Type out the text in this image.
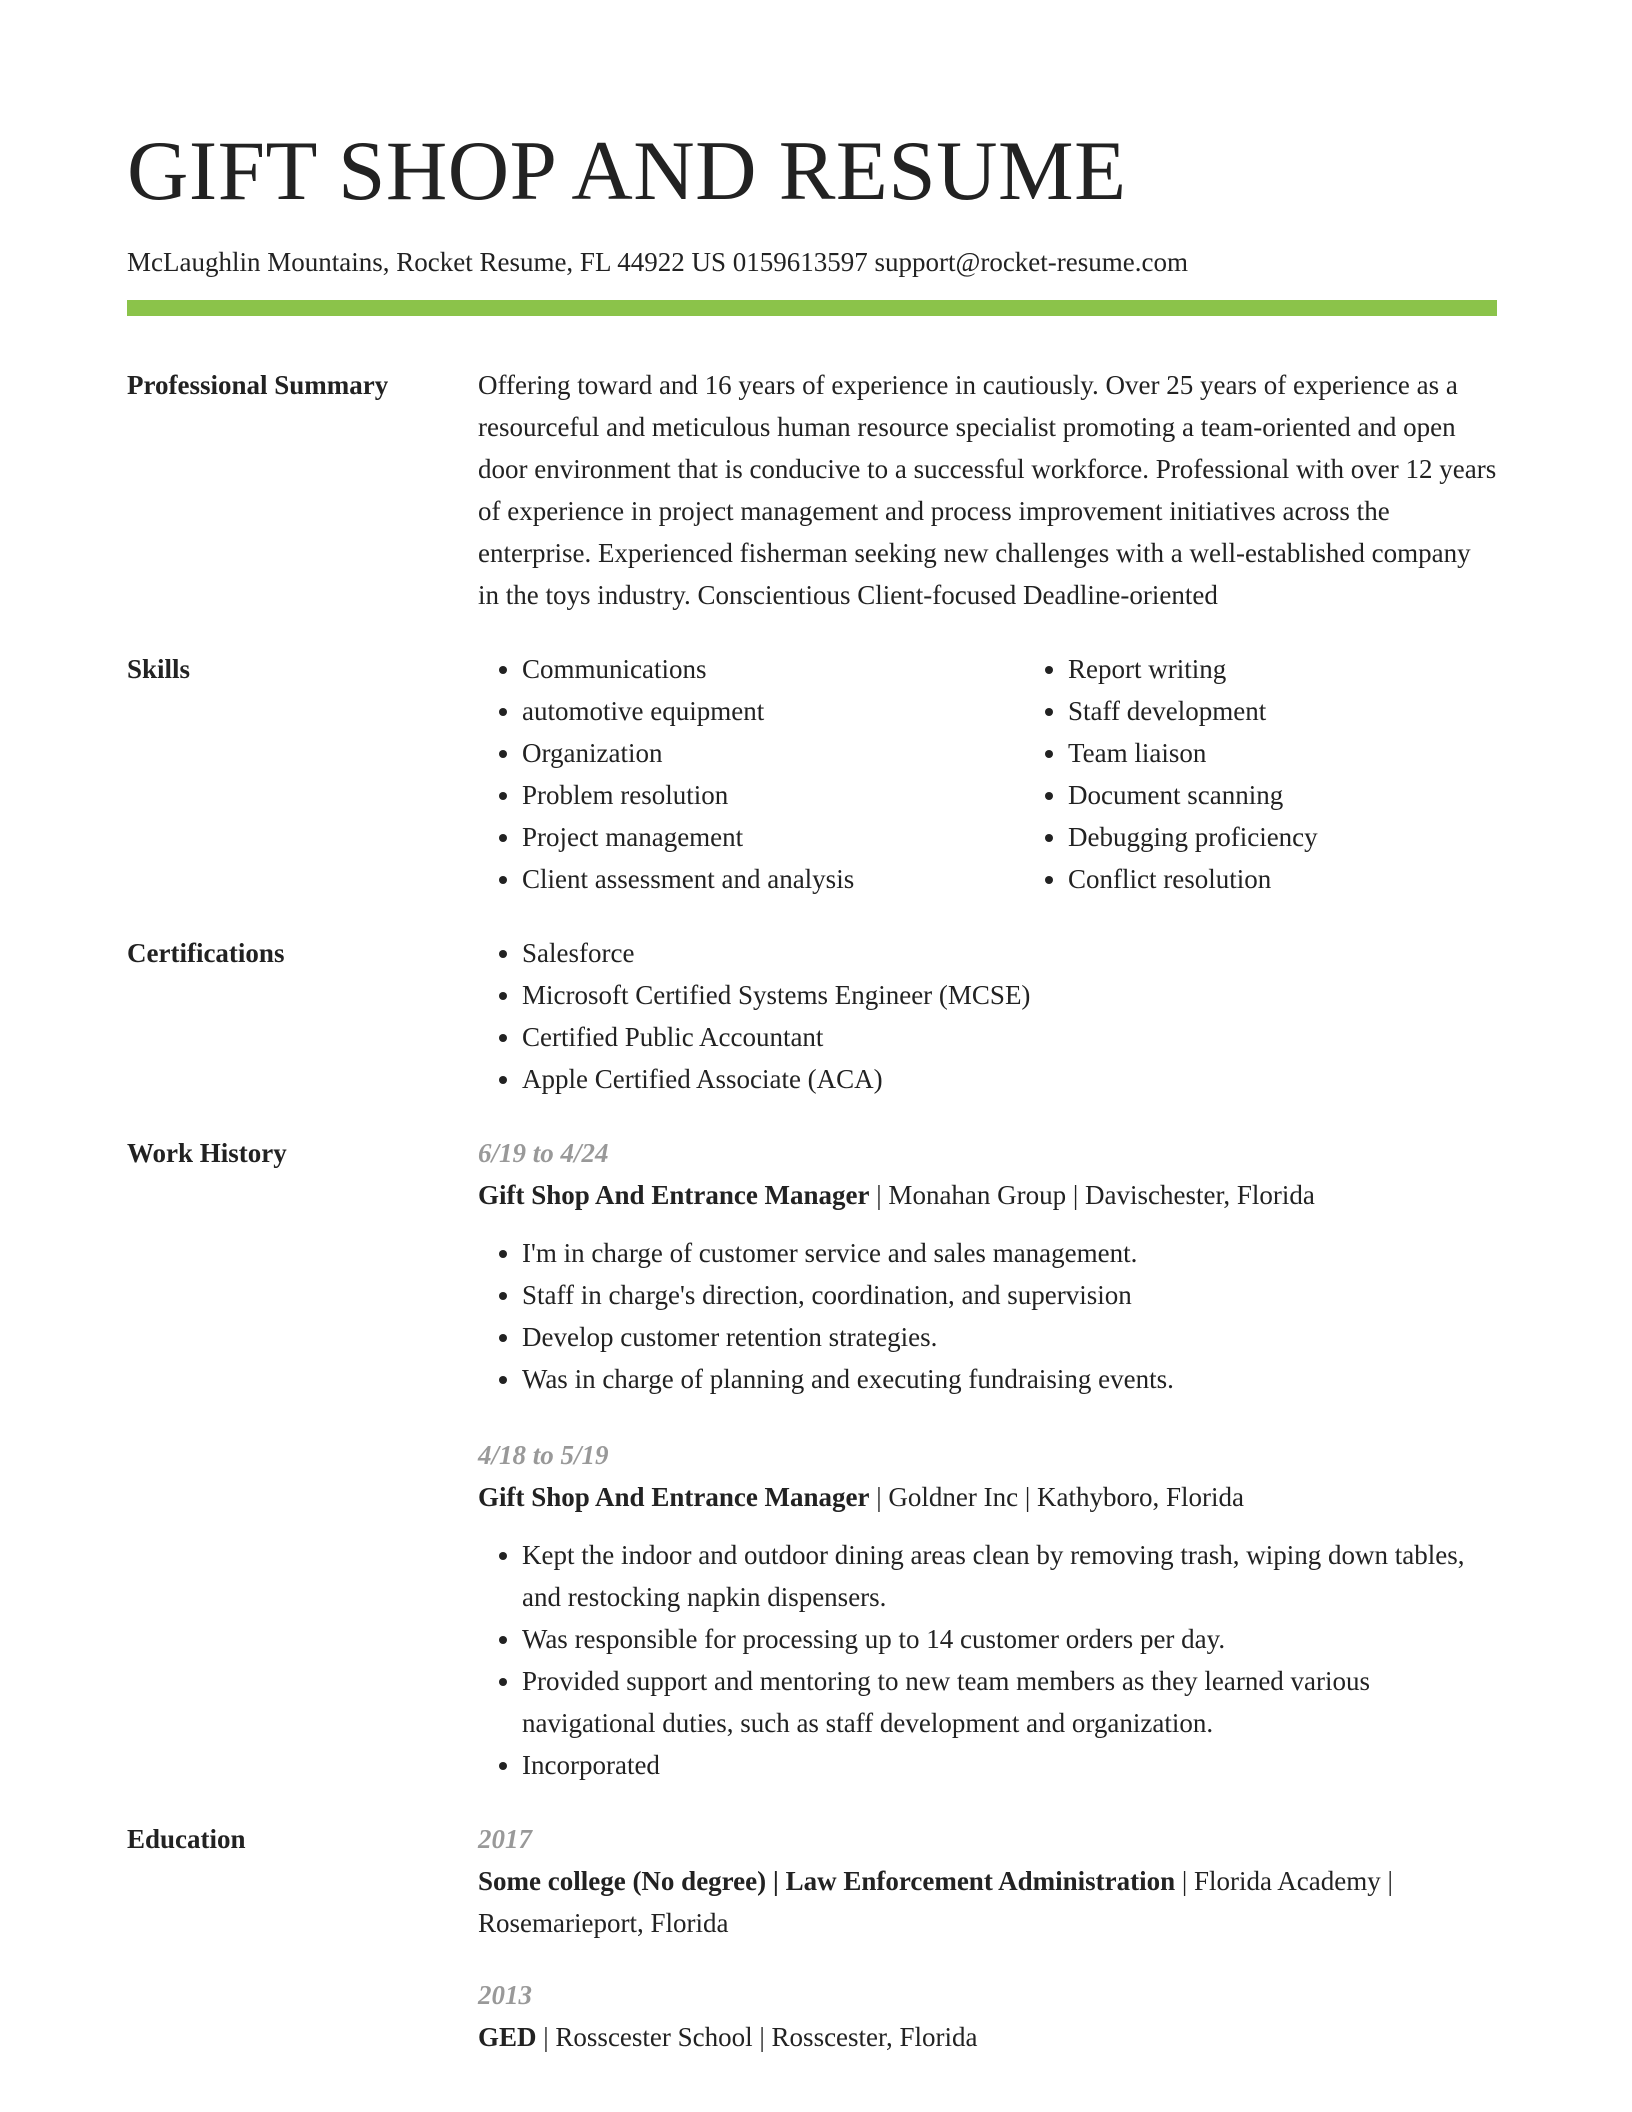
GIFT SHOP AND RESUME
McLaughlin Mountains, Rocket Resume, FL 44922 US 0159613597 support@rocket-resume.com
Professional Summary	Offering toward and 16 years of experience in cautiously. Over 25 years of experience as a resourceful and meticulous human resource specialist promoting a team-oriented and open door environment that is conducive to a successful workforce. Professional with over 12 years of experience in project management and process improvement initiatives across the enterprise. Experienced fisherman seeking new challenges with a well-established company in the toys industry. Conscientious Client-focused Deadline-oriented
Skills	• Communications
• automotive equipment
• Organization
• Problem resolution
• Project management
• Client assessment and analysis
• Report writing
• Staff development
• Team liaison
• Document scanning
• Debugging proficiency
• Conflict resolution
Certifications	• Salesforce
• Microsoft Certified Systems Engineer (MCSE)
• Certified Public Accountant
• Apple Certified Associate (ACA)
Work History	6/19 to 4/24
Gift Shop And Entrance Manager | Monahan Group | Davischester, Florida
• I'm in charge of customer service and sales management.
• Staff in charge's direction, coordination, and supervision
• Develop customer retention strategies.
• Was in charge of planning and executing fundraising events.
4/18 to 5/19
Gift Shop And Entrance Manager | Goldner Inc | Kathyboro, Florida
• Kept the indoor and outdoor dining areas clean by removing trash, wiping down tables, and restocking napkin dispensers.
• Was responsible for processing up to 14 customer orders per day.
• Provided support and mentoring to new team members as they learned various navigational duties, such as staff development and organization.
• Incorporated
Education	2017
Some college (No degree) | Law Enforcement Administration | Florida Academy | Rosemarieport, Florida
2013
GED | Rosscester School | Rosscester, Florida
